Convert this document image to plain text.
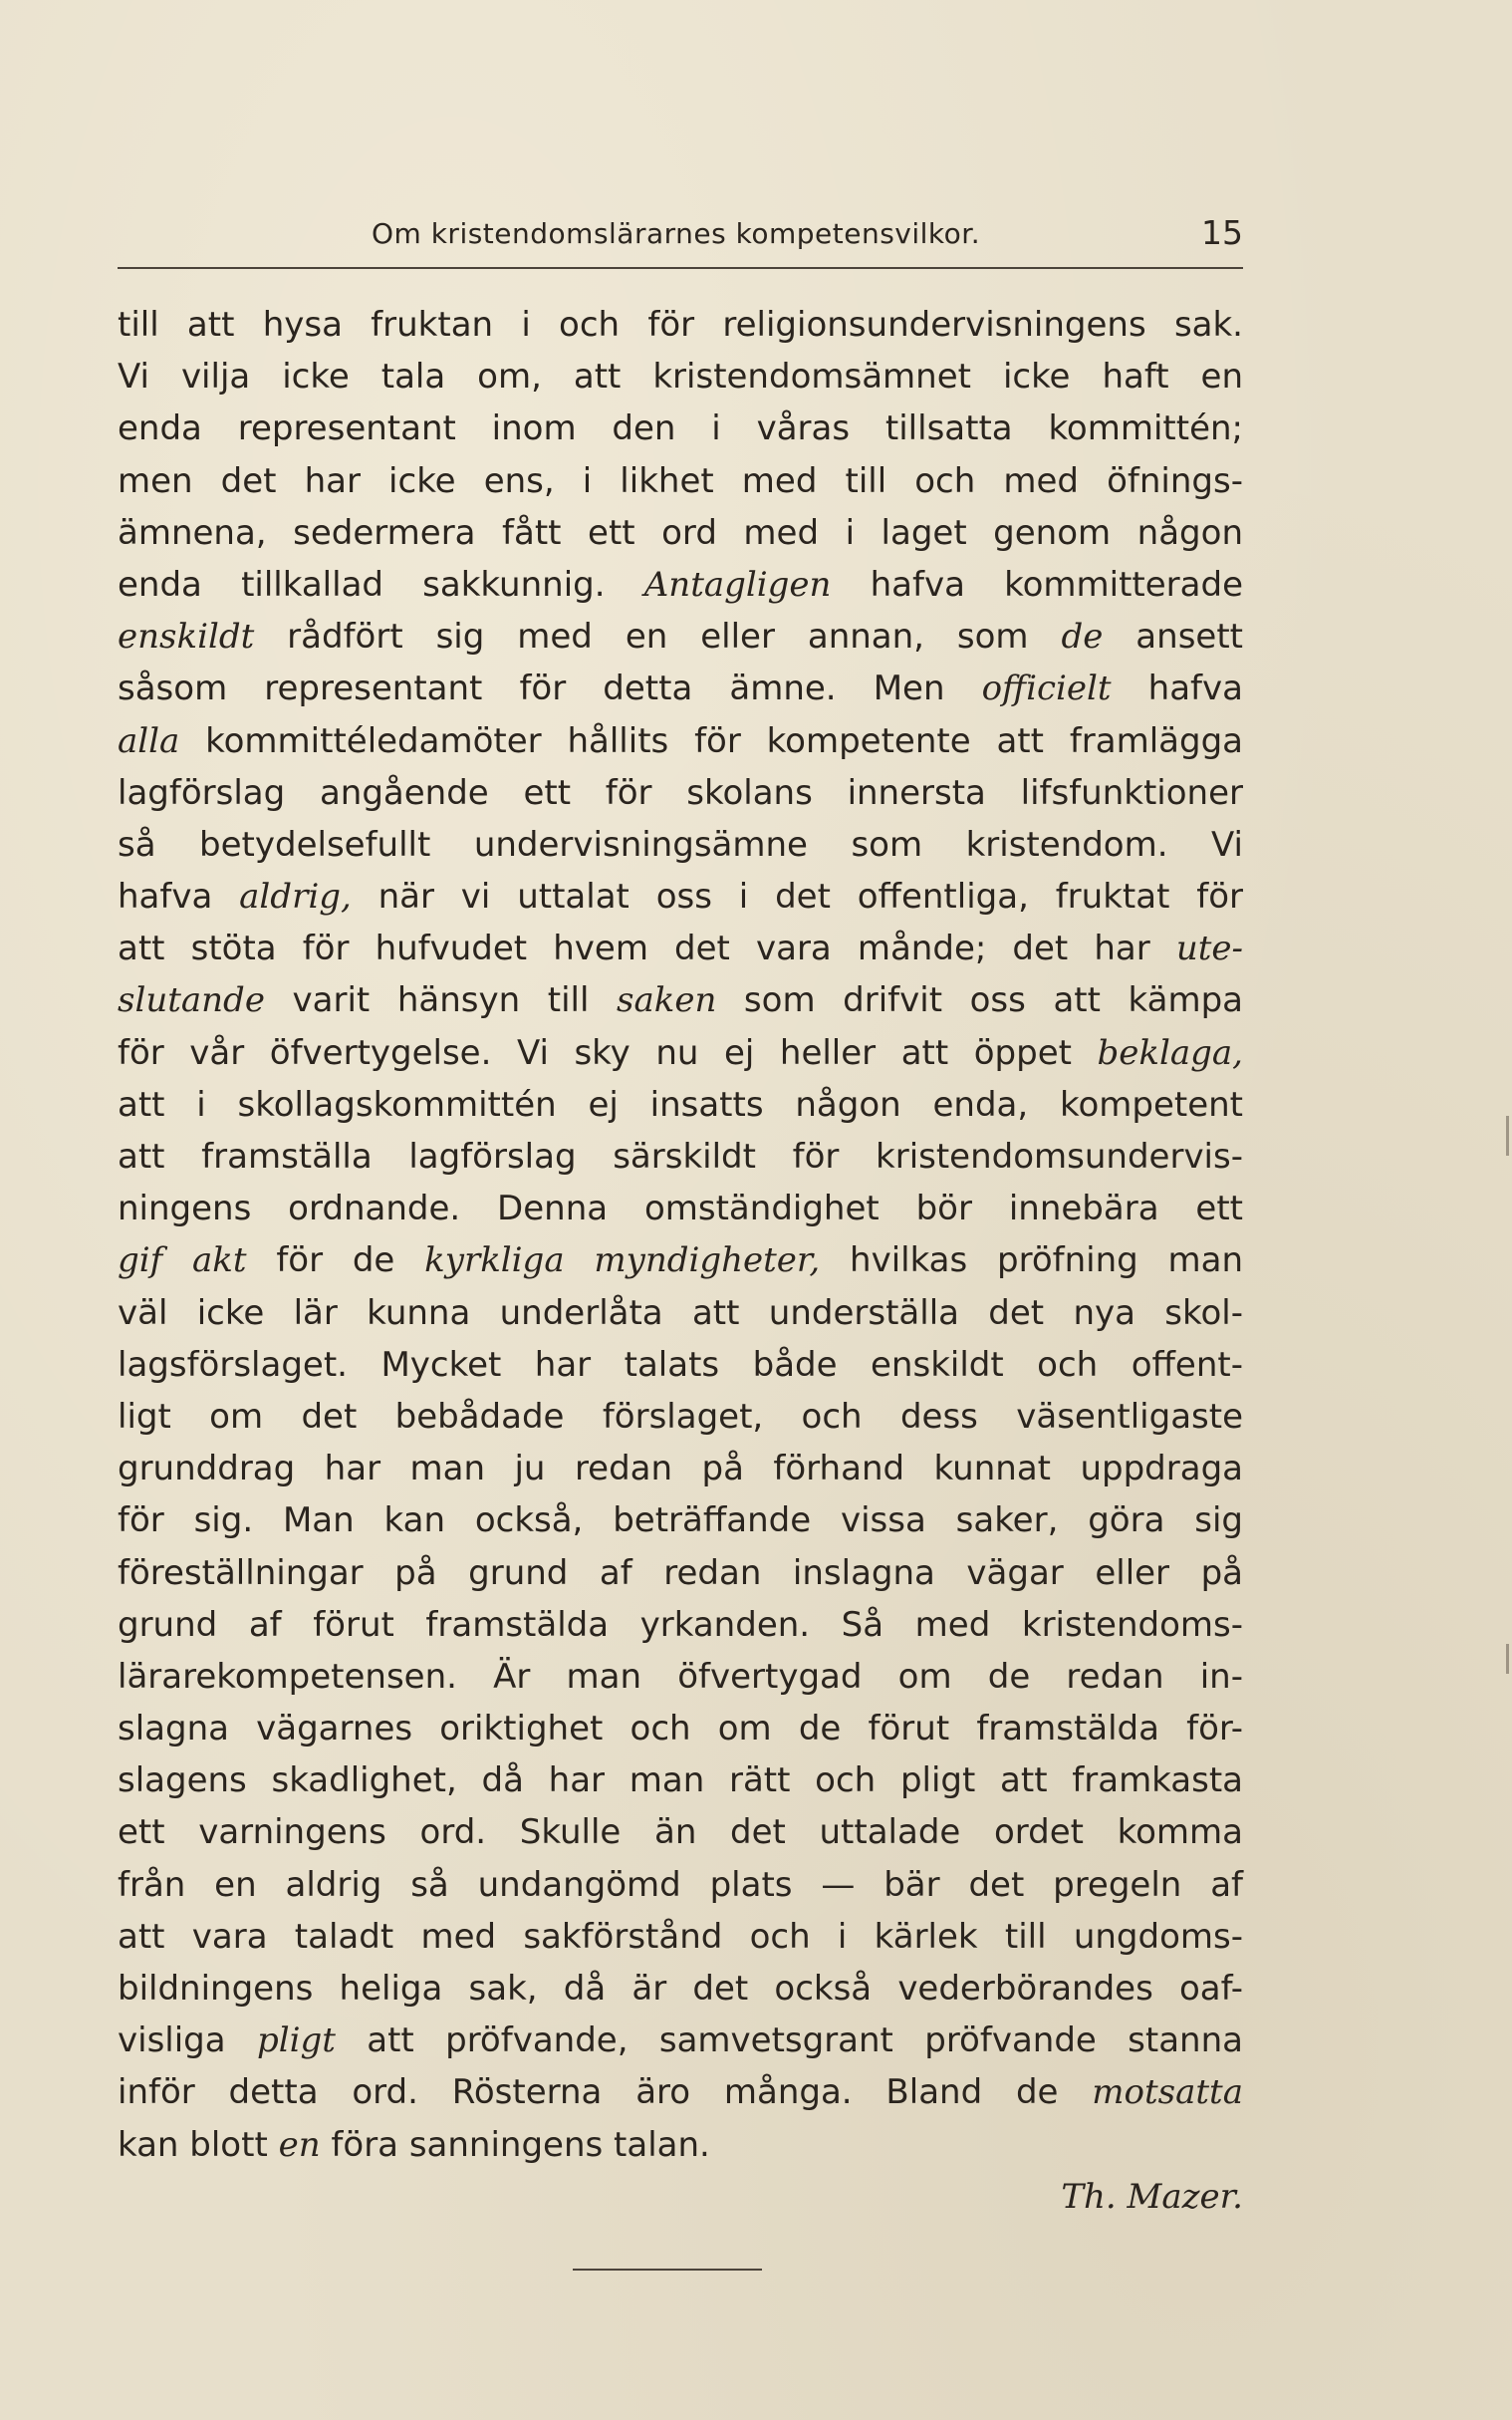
Om kristendomslärarnes kompetensvilkor.	15
till att hysa fruktan i och för religionsundervisningens sak.
Vi vilja icke tala om, att kristendomsämnet icke haft en
enda representant inom den i våras tillsatta kommittén;
men det har icke ens, i likhet med till och med öfnings-
ämnena, sedermera fått ett ord med i laget genom någon
enda tillkallad sakkunnig. Antagligen hafva kommitterade
enskildt rådfört sig med en eller annan, som de ansett
såsom representant för detta ämne. Men officielt hafva
alla kommittéledamöter hållits för kompetente att framlägga
lagförslag angående ett för skolans innersta lifsfunktioner
så betydelsefullt undervisningsämne som kristendom. Vi
hafva aldrig, när vi uttalat oss i det offentliga, fruktat för
att stöta för hufvudet hvem det vara månde; det har ute-
slutande varit hänsyn till saken som drifvit oss att kämpa
för vår öfvertygelse. Vi sky nu ej heller att öppet beklaga,
att i skollagskommittén ej insatts någon enda, kompetent
att framställa lagförslag särskildt för kristendomsundervis-
ningens ordnande. Denna omständighet bör innebära ett
gif akt för de kyrkliga myndigheter, hvilkas pröfning man
väl icke lär kunna underlåta att underställa det nya skol-
lagsförslaget. Mycket har talats både enskildt och offent-
ligt om det bebådade förslaget, och dess väsentligaste
grunddrag har man ju redan på förhand kunnat uppdraga
för sig. Man kan också, beträffande vissa saker, göra sig
föreställningar på grund af redan inslagna vägar eller på
grund af förut framstälda yrkanden. Så med kristendoms-
lärarekompetensen. Är man öfvertygad om de redan in-
slagna vägarnes oriktighet och om de förut framstälda för-
slagens skadlighet, då har man rätt och pligt att framkasta
ett varningens ord. Skulle än det uttalade ordet komma
från en aldrig så undangömd plats — bär det pregeln af
att vara taladt med sakförstånd och i kärlek till ungdoms-
bildningens heliga sak, då är det också vederbörandes oaf-
visliga pligt att pröfvande, samvetsgrant pröfvande stanna
inför detta ord. Rösterna äro många. Bland de motsatta
kan blott en föra sanningens talan.
Th. Mazer.
